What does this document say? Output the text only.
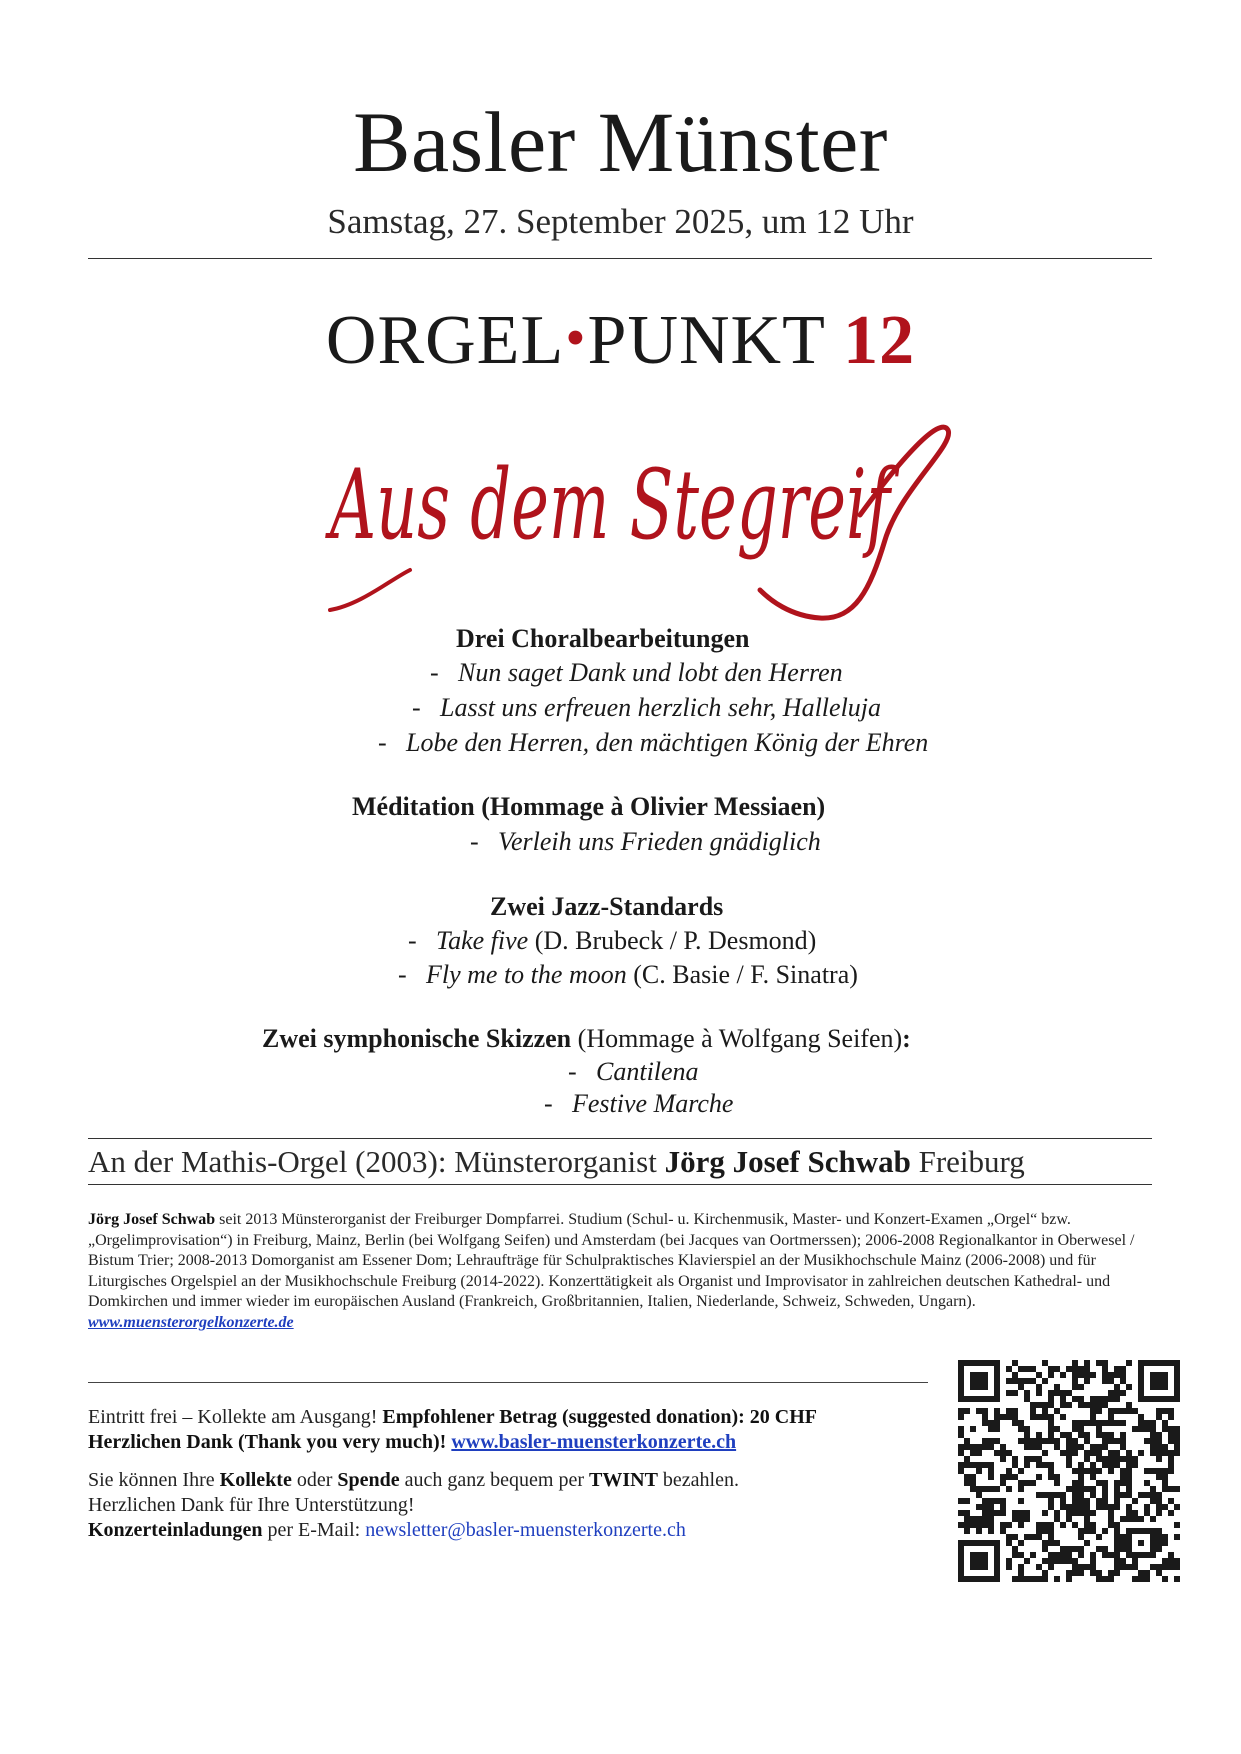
Basler Münster
Samstag, 27. September 2025, um 12 Uhr
ORGEL•PUNKT 12
Aus dem Stegreif
Drei Choralbearbeitungen
- Nun saget Dank und lobt den Herren
- Lasst uns erfreuen herzlich sehr, Halleluja
- Lobe den Herren, den mächtigen König der Ehren
Méditation (Hommage à Olivier Messiaen)
- Verleih uns Frieden gnädiglich
Zwei Jazz-Standards
- Take five (D. Brubeck / P. Desmond)
- Fly me to the moon (C. Basie / F. Sinatra)
Zwei symphonische Skizzen (Hommage à Wolfgang Seifen):
- Cantilena
- Festive Marche
An der Mathis-Orgel (2003): Münsterorganist Jörg Josef Schwab Freiburg
Jörg Josef Schwab seit 2013 Münsterorganist der Freiburger Dompfarrei. Studium (Schul- u. Kirchenmusik, Master- und Konzert-Examen „Orgel“ bzw. „Orgelimprovisation“) in Freiburg, Mainz, Berlin (bei Wolfgang Seifen) und Amsterdam (bei Jacques van Oortmerssen); 2006-2008 Regionalkantor in Oberwesel / Bistum Trier; 2008-2013 Domorganist am Essener Dom; Lehraufträge für Schulpraktisches Klavierspiel an der Musikhochschule Mainz (2006-2008) und für Liturgisches Orgelspiel an der Musikhochschule Freiburg (2014-2022). Konzerttätigkeit als Organist und Improvisator in zahlreichen deutschen Kathedral- und Domkirchen und immer wieder im europäischen Ausland (Frankreich, Großbritannien, Italien, Niederlande, Schweiz, Schweden, Ungarn).
www.muensterorgelkonzerte.de
Eintritt frei – Kollekte am Ausgang! Empfohlener Betrag (suggested donation): 20 CHF
Herzlichen Dank (Thank you very much)! www.basler-muensterkonzerte.ch
Sie können Ihre Kollekte oder Spende auch ganz bequem per TWINT bezahlen.
Herzlichen Dank für Ihre Unterstützung!
Konzerteinladungen per E-Mail: newsletter@basler-muensterkonzerte.ch
